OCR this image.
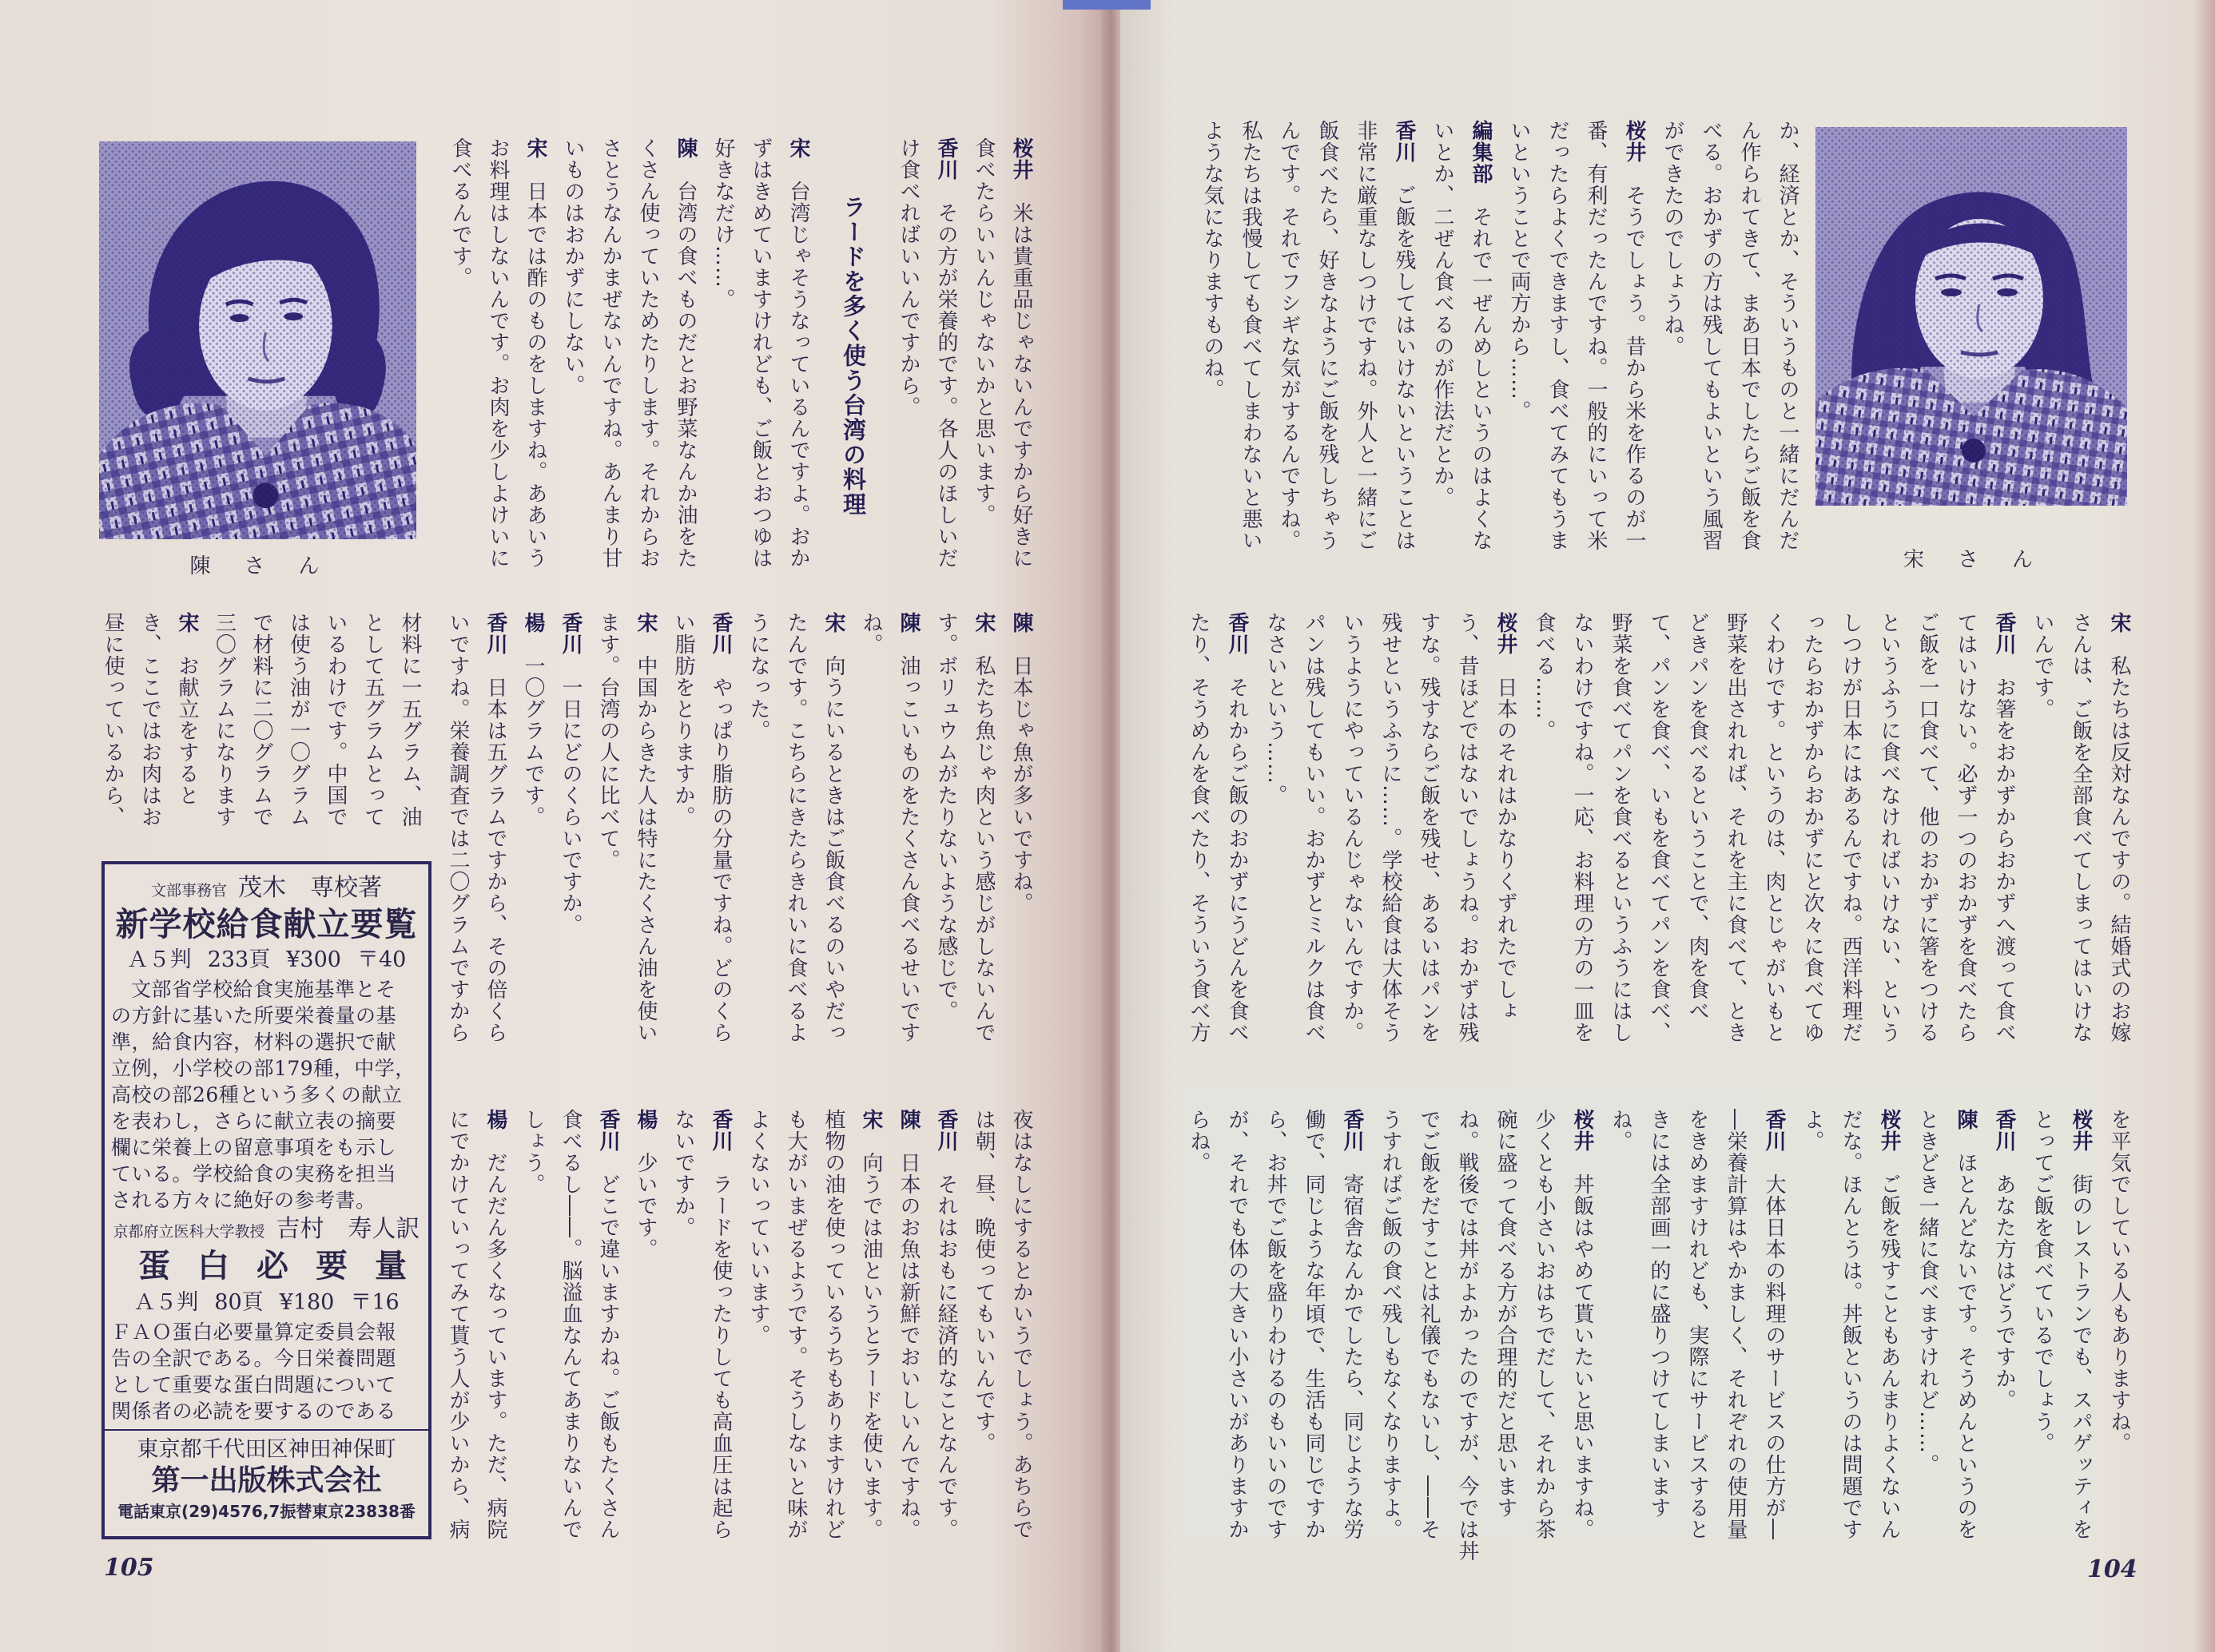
宋　さ　ん
か、経済とか、そういうものと一緒にだんだ
ん作られてきて、まあ日本でしたらご飯を食
べる。おかずの方は残してもよいという風習
ができたのでしょうね。
桜井そうでしょう。昔から米を作るのが一
番、有利だったんですね。一般的にいって米
だったらよくできますし、食べてみてもうま
いということで両方から……。
編集部それで一ぜんめしというのはよくな
いとか、二ぜん食べるのが作法だとか。
香川ご飯を残してはいけないということは
非常に厳重なしつけですね。外人と一緒にご
飯食べたら、好きなようにご飯を残しちゃう
んです。それでフシギな気がするんですね。
私たちは我慢しても食べてしまわないと悪い
ような気になりますものね。
宋私たちは反対なんですの。結婚式のお嫁
さんは、ご飯を全部食べてしまってはいけな
いんです。
香川お箸をおかずからおかずへ渡って食べ
てはいけない。必ず一つのおかずを食べたら
ご飯を一口食べて、他のおかずに箸をつける
というふうに食べなければいけない、という
しつけが日本にはあるんですね。西洋料理だ
ったらおかずからおかずにと次々に食べてゆ
くわけです。というのは、肉とじゃがいもと
野菜を出されれば、それを主に食べて、とき
どきパンを食べるということで、肉を食べ
て、パンを食べ、いもを食べてパンを食べ、
野菜を食べてパンを食べるというふうにはし
ないわけですね。一応、お料理の方の一皿を
食べる……。
桜井日本のそれはかなりくずれたでしょ
う、昔ほどではないでしょうね。おかずは残
すな。残すならご飯を残せ、あるいはパンを
残せというふうに……。学校給食は大体そう
いうようにやっているんじゃないんですか。
パンは残してもいい。おかずとミルクは食べ
なさいという……。
香川それからご飯のおかずにうどんを食べ
たり、そうめんを食べたり、そういう食べ方
を平気でしている人もありますね。
桜井街のレストランでも、スパゲッティを
とってご飯を食べているでしょう。
香川あなた方はどうですか。
陳ほとんどないです。そうめんというのを
ときどき一緒に食べますけれど……。
桜井ご飯を残すこともあんまりよくないん
だな。ほんとうは。丼飯というのは問題です
よ。
香川大体日本の料理のサービスの仕方が―
―栄養計算はやかましく、それぞれの使用量
をきめますけれども、実際にサービスすると
きには全部画一的に盛りつけてしまいます
ね。
桜井丼飯はやめて貰いたいと思いますね。
少くとも小さいおはちでだして、それから茶
碗に盛って食べる方が合理的だと思います
ね。戦後では丼がよかったのですが、今では丼
でご飯をだすことは礼儀でもないし、――そ
うすればご飯の食べ残しもなくなりますよ。
香川寄宿舎なんかでしたら、同じような労
働で、同じような年頃で、生活も同じですか
ら、お丼でご飯を盛りわけるのもいいのです
が、それでも体の大きい小さいがありますか
らね。
104
陳　さ　ん
桜井米は貴重品じゃないんですから好きに
食べたらいいんじゃないかと思います。
香川その方が栄養的です。各人のほしいだ
け食べればいいんですから。
ラードを多く使う台湾の料理
宋台湾じゃそうなっているんですよ。おか
ずはきめていますけれども、ご飯とおつゆは
好きなだけ……。
陳台湾の食べものだとお野菜なんか油をた
くさん使っていためたりします。それからお
さとうなんかまぜないんですね。あんまり甘
いものはおかずにしない。
宋日本では酢のものをしますね。ああいう
お料理はしないんです。お肉を少しよけいに
食べるんです。
陳日本じゃ魚が多いですね。
宋私たち魚じゃ肉という感じがしないんで
す。ボリュウムがたりないような感じで。
陳油っこいものをたくさん食べるせいです
ね。
宋向うにいるときはご飯食べるのいやだっ
たんです。こちらにきたらきれいに食べるよ
うになった。
香川やっぱり脂肪の分量ですね。どのくら
い脂肪をとりますか。
宋中国からきた人は特にたくさん油を使い
ます。台湾の人に比べて。
香川一日にどのくらいですか。
楊一〇グラムです。
香川日本は五グラムですから、その倍くら
いですね。栄養調査では二〇グラムですから
材料に一五グラム、油
として五グラムとって
いるわけです。中国で
は使う油が一〇グラム
で材料に二〇グラムで
三〇グラムになります
宋お献立をすると
き、ここではお肉はお
昼に使っているから、
夜はなしにするとかいうでしょう。あちらで
は朝、昼、晩使ってもいいんです。
香川それはおもに経済的なことなんです。
陳日本のお魚は新鮮でおいしいんですね。
宋向うでは油というとラードを使います。
植物の油を使っているうちもありますけれど
も大がいまぜるようです。そうしないと味が
よくないっていいます。
香川ラードを使ったりしても高血圧は起ら
ないですか。
楊少いです。
香川どこで違いますかね。ご飯もたくさん
食べるし――。脳溢血なんてあまりないんで
しょう。
楊だんだん多くなっています。ただ、病院
にでかけていってみて貰う人が少いから、病
文部事務官 茂木　専校著
新学校給食献立要覧
Ａ５判 233頁 ¥300 〒40
文部省学校給食実施基準とそ
の方針に基いた所要栄養量の基
準，給食内容，材料の選択で献
立例，小学校の部179種，中学，
高校の部26種という多くの献立
を表わし，さらに献立表の摘要
欄に栄養上の留意事項をも示し
ている。学校給食の実務を担当
される方々に絶好の参考書。
京都府立医科大学教授 吉村　寿人訳
蛋白必要量
Ａ５判 80頁 ¥180 〒16
ＦＡＯ蛋白必要量算定委員会報
告の全訳である。今日栄養問題
として重要な蛋白問題について
関係者の必読を要するのである
東京都千代田区神田神保町
第一出版株式会社
電話東京(29)4576,7振替東京23838番
105
